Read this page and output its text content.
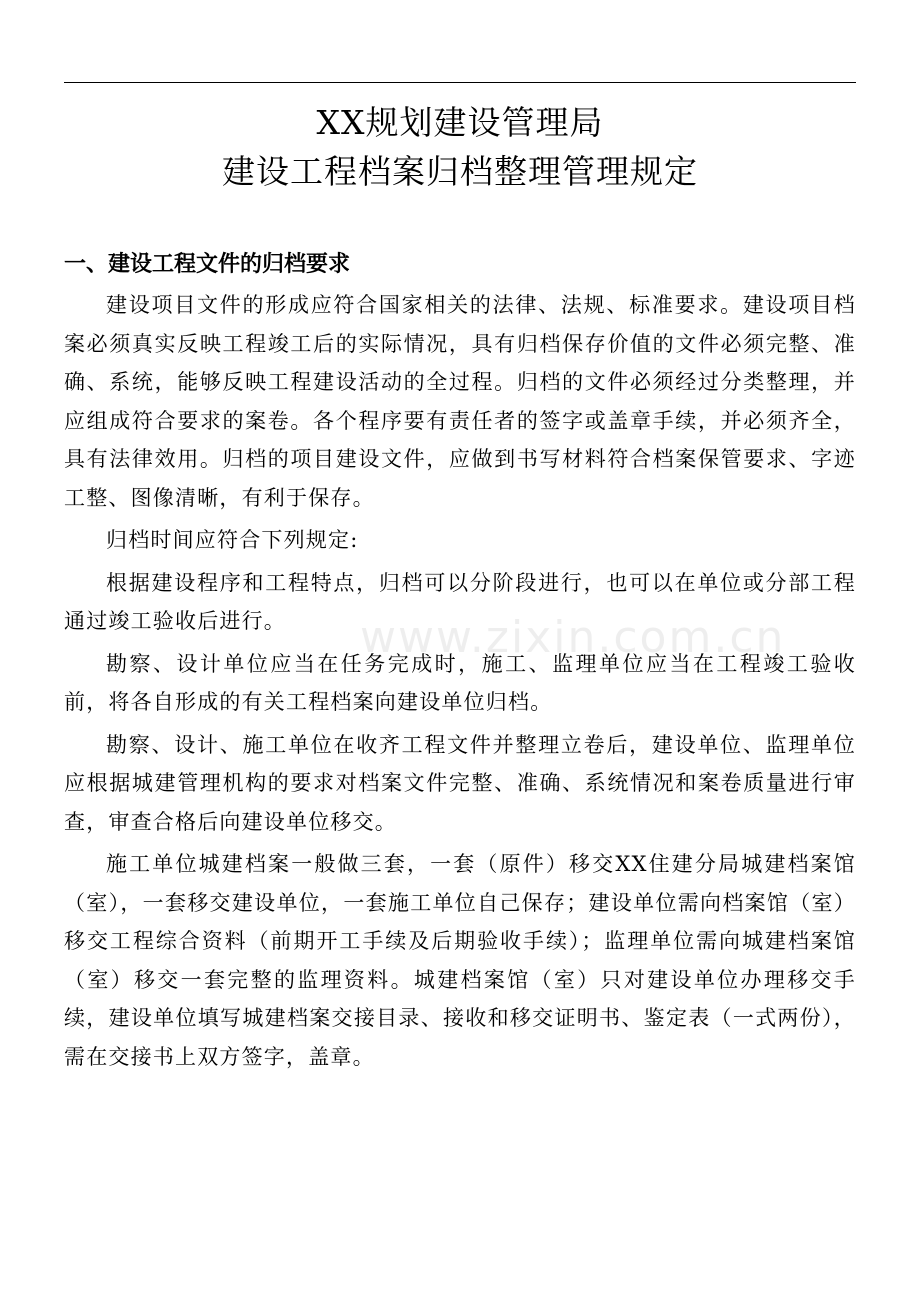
XX规划建设管理局
建设工程档案归档整理管理规定
一、建设工程文件的归档要求

建设项目文件的形成应符合国家相关的法律、法规、标准要求。建设项目档案必须真实反映工程竣工后的实际情况，具有归档保存价值的文件必须完整、准确、系统，能够反映工程建设活动的全过程。归档的文件必须经过分类整理，并应组成符合要求的案卷。各个程序要有责任者的签字或盖章手续，并必须齐全，具有法律效用。归档的项目建设文件，应做到书写材料符合档案保管要求、字迹工整、图像清晰，有利于保存。

归档时间应符合下列规定:

根据建设程序和工程特点，归档可以分阶段进行，也可以在单位或分部工程通过竣工验收后进行。

勘察、设计单位应当在任务完成时，施工、监理单位应当在工程竣工验收前，将各自形成的有关工程档案向建设单位归档。

勘察、设计、施工单位在收齐工程文件并整理立卷后，建设单位、监理单位应根据城建管理机构的要求对档案文件完整、准确、系统情况和案卷质量进行审查，审查合格后向建设单位移交。

施工单位城建档案一般做三套，一套（原件）移交XX住建分局城建档案馆（室），一套移交建设单位，一套施工单位自己保存；建设单位需向档案馆（室）移交工程综合资料（前期开工手续及后期验收手续）；监理单位需向城建档案馆（室）移交一套完整的监理资料。城建档案馆（室）只对建设单位办理移交手续，建设单位填写城建档案交接目录、接收和移交证明书、鉴定表（一式两份），需在交接书上双方签字，盖章。

www.zixin.com.cn
